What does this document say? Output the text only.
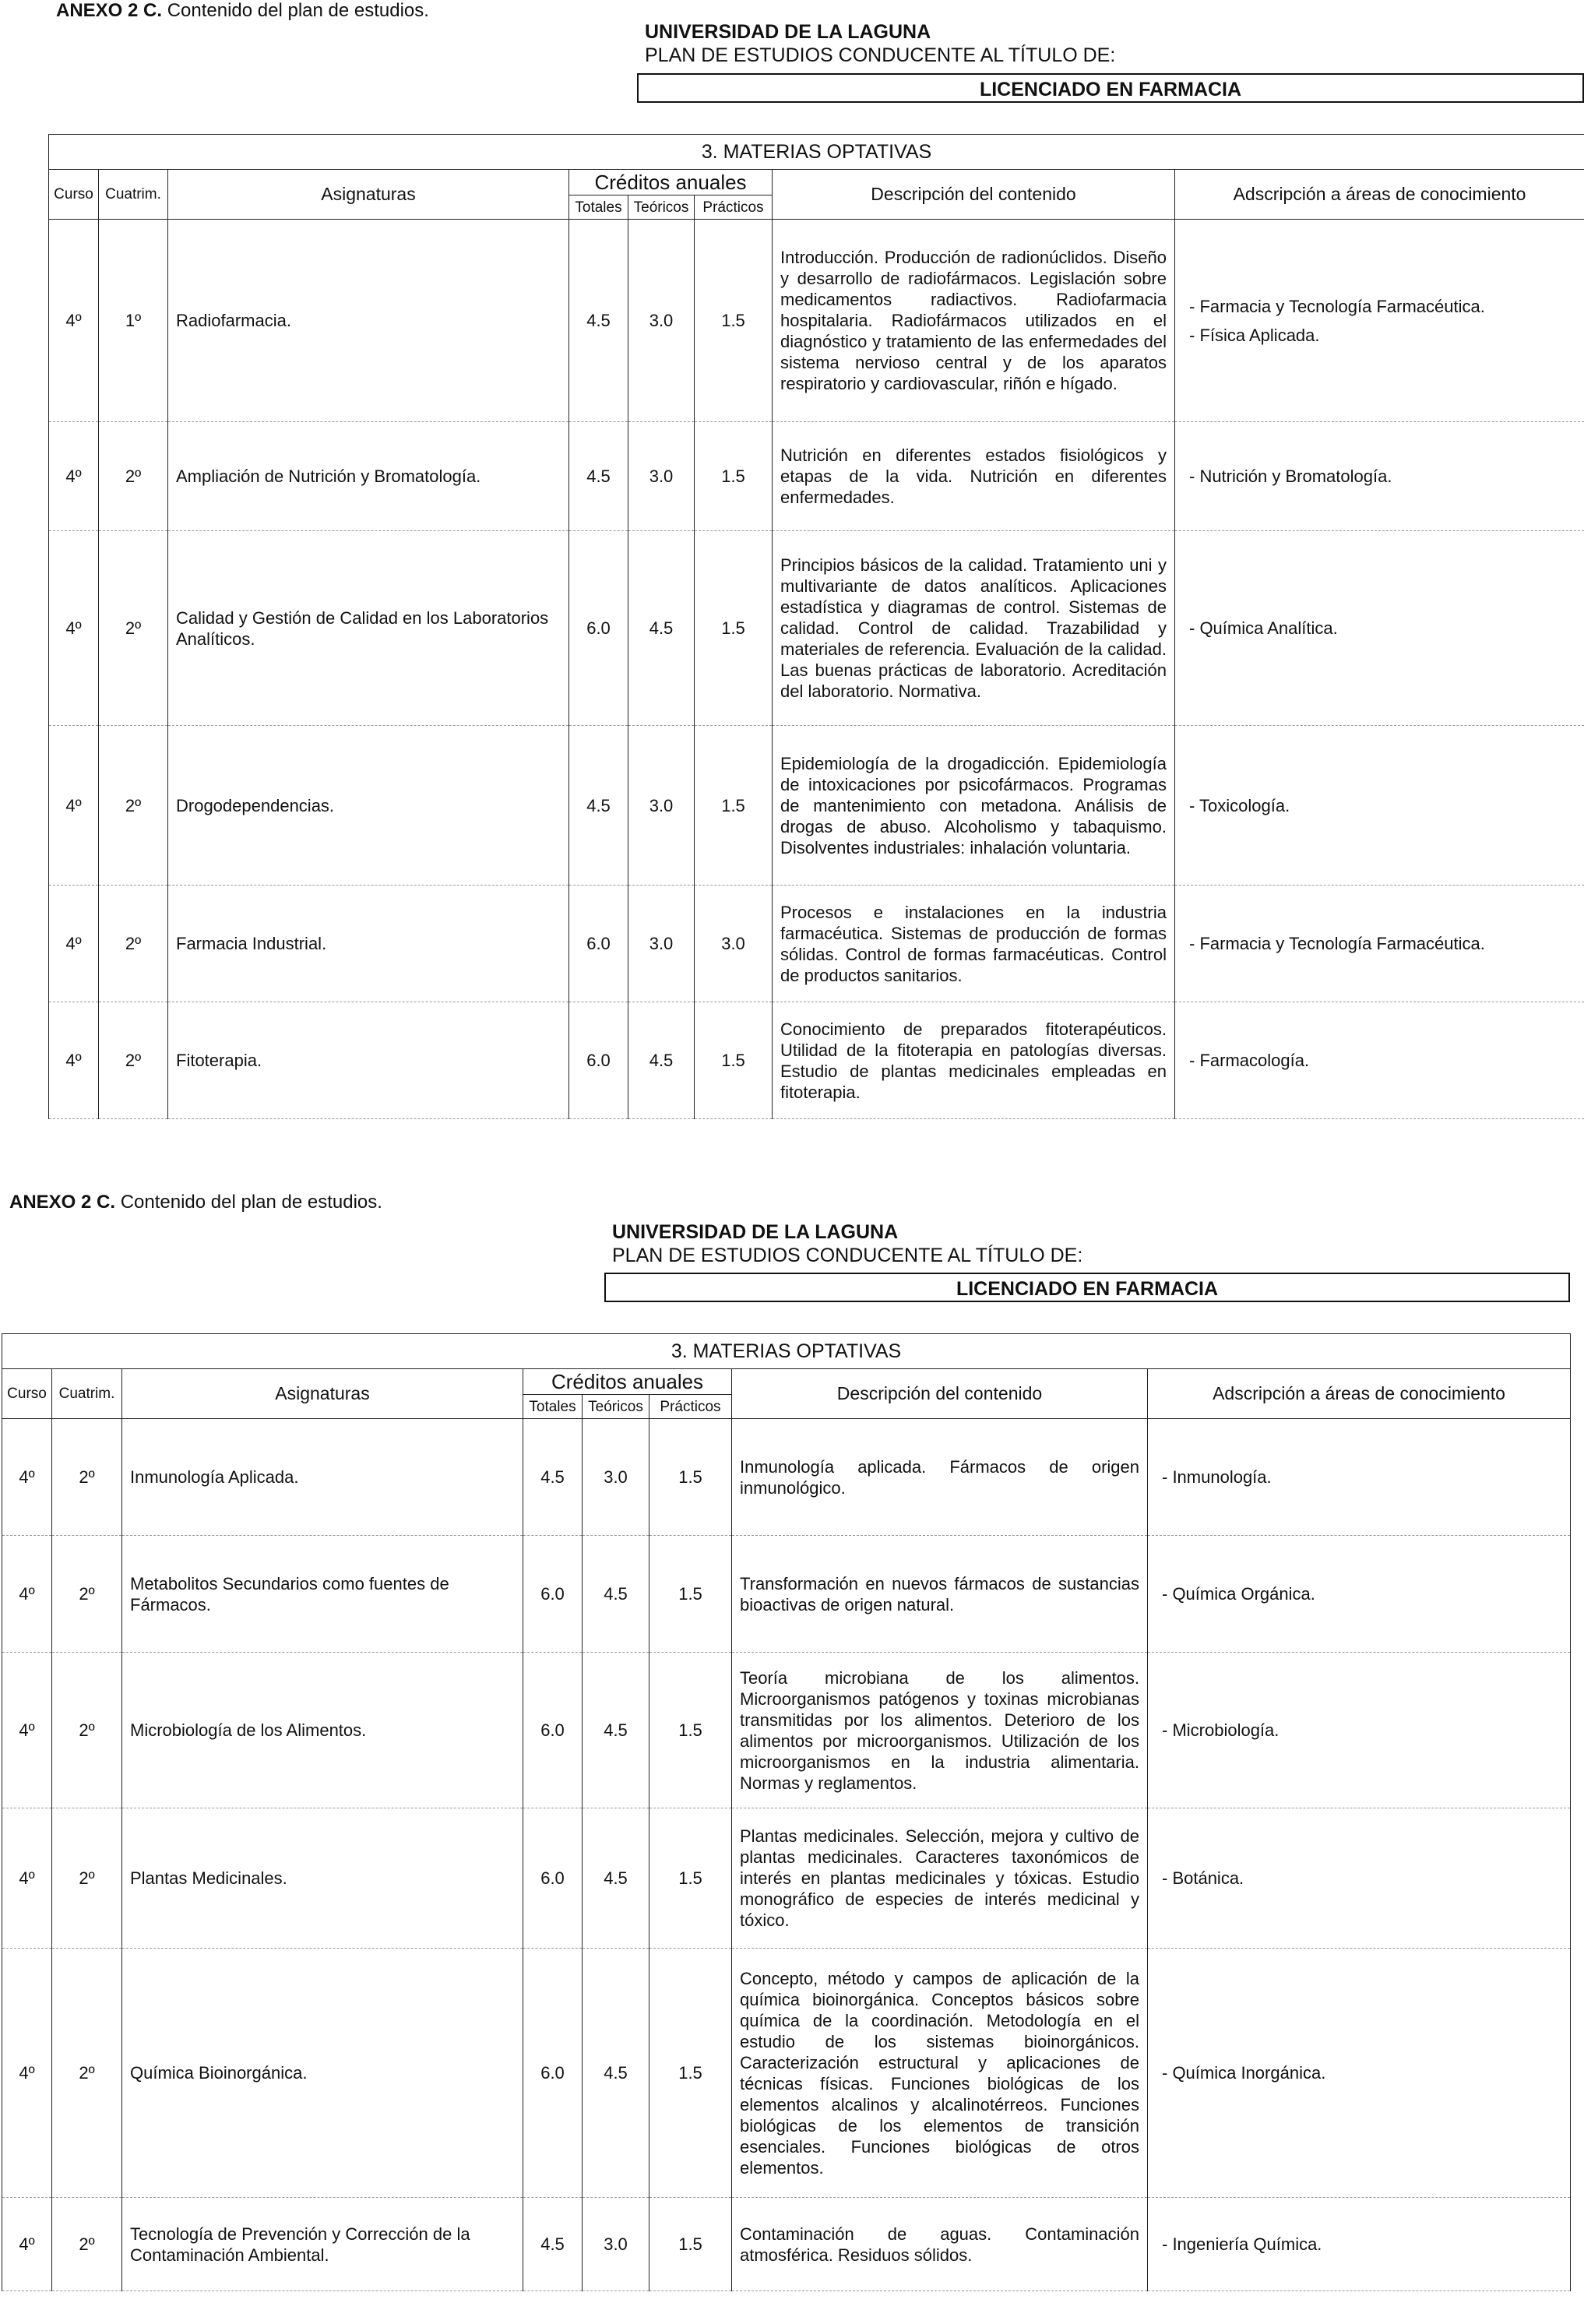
ANEXO 2 C. Contenido del plan de estudios.
UNIVERSIDAD DE LA LAGUNA
PLAN DE ESTUDIOS CONDUCENTE AL TÍTULO DE:
LICENCIADO EN FARMACIA
3. MATERIAS OPTATIVAS							
Curso	Cuatrim.	Asignaturas	Créditos anuales			Descripción del contenido	Adscripción a áreas de conocimiento
			Totales	Teóricos	Prácticos		
4º	1º	Radiofarmacia.	4.5	3.0	1.5	Introducción. Producción de radionúclidos. Diseño y desarrollo de radiofármacos. Legislación sobre medicamentos radiactivos. Radiofarmacia hospitalaria. Radiofármacos utilizados en el diagnóstico y tratamiento de las enfermedades del sistema nervioso central y de los aparatos respiratorio y cardiovascular, riñón e hígado.	- Farmacia y Tecnología Farmacéutica.
- Física Aplicada.

4º	2º	Ampliación de Nutrición y Bromatología.	4.5	3.0	1.5	Nutrición en diferentes estados fisiológicos y etapas de la vida. Nutrición en diferentes enfermedades.	- Nutrición y Bromatología.

4º	2º	Calidad y Gestión de Calidad en los Laboratorios Analíticos.	6.0	4.5	1.5	Principios básicos de la calidad. Tratamiento uni y multivariante de datos analíticos. Aplicaciones estadística y diagramas de control. Sistemas de calidad. Control de calidad. Trazabilidad y materiales de referencia. Evaluación de la calidad. Las buenas prácticas de laboratorio. Acreditación del laboratorio. Normativa.	- Química Analítica.

4º	2º	Drogodependencias.	4.5	3.0	1.5	Epidemiología de la drogadicción. Epidemiología de intoxicaciones por psicofármacos. Programas de mantenimiento con metadona. Análisis de drogas de abuso. Alcoholismo y tabaquismo. Disolventes industriales: inhalación voluntaria.	- Toxicología.

4º	2º	Farmacia Industrial.	6.0	3.0	3.0	Procesos e instalaciones en la industria farmacéutica. Sistemas de producción de formas sólidas. Control de formas farmacéuticas. Control de productos sanitarios.	- Farmacia y Tecnología Farmacéutica.

4º	2º	Fitoterapia.	6.0	4.5	1.5	Conocimiento de preparados fitoterapéuticos. Utilidad de la fitoterapia en patologías diversas. Estudio de plantas medicinales empleadas en fitoterapia.	- Farmacología.
ANEXO 2 C. Contenido del plan de estudios.
UNIVERSIDAD DE LA LAGUNA
PLAN DE ESTUDIOS CONDUCENTE AL TÍTULO DE:
LICENCIADO EN FARMACIA
3. MATERIAS OPTATIVAS							
Curso	Cuatrim.	Asignaturas	Créditos anuales			Descripción del contenido	Adscripción a áreas de conocimiento
			Totales	Teóricos	Prácticos		
4º	2º	Inmunología Aplicada.	4.5	3.0	1.5	Inmunología aplicada. Fármacos de origen inmunológico.	- Inmunología.

4º	2º	Metabolitos Secundarios como fuentes de Fármacos.	6.0	4.5	1.5	Transformación en nuevos fármacos de sustancias bioactivas de origen natural.	- Química Orgánica.

4º	2º	Microbiología de los Alimentos.	6.0	4.5	1.5	Teoría microbiana de los alimentos. Microorganismos patógenos y toxinas microbianas transmitidas por los alimentos. Deterioro de los alimentos por microorganismos. Utilización de los microorganismos en la industria alimentaria. Normas y reglamentos.	- Microbiología.

4º	2º	Plantas Medicinales.	6.0	4.5	1.5	Plantas medicinales. Selección, mejora y cultivo de plantas medicinales. Caracteres taxonómicos de interés en plantas medicinales y tóxicas. Estudio monográfico de especies de interés medicinal y tóxico.	- Botánica.

4º	2º	Química Bioinorgánica.	6.0	4.5	1.5	Concepto, método y campos de aplicación de la química bioinorgánica. Conceptos básicos sobre química de la coordinación. Metodología en el estudio de los sistemas bioinorgánicos. Caracterización estructural y aplicaciones de técnicas físicas. Funciones biológicas de los elementos alcalinos y alcalinotérreos. Funciones biológicas de los elementos de transición esenciales. Funciones biológicas de otros elementos.	- Química Inorgánica.

4º	2º	Tecnología de Prevención y Corrección de la Contaminación Ambiental.	4.5	3.0	1.5	Contaminación de aguas. Contaminación atmosférica. Residuos sólidos.	- Ingeniería Química.
